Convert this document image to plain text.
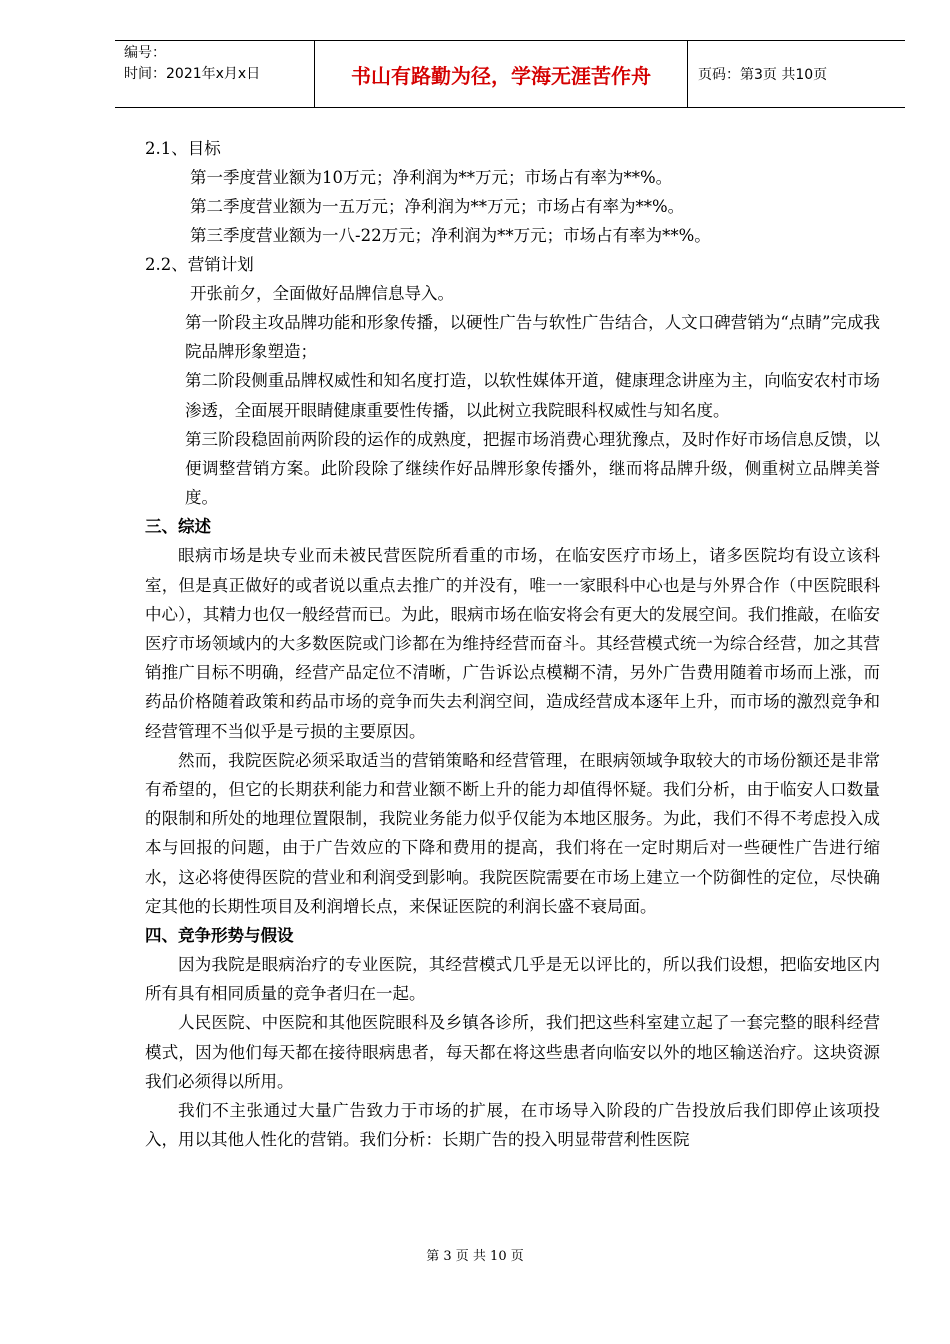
编号：
时间：2021年x月x日	书山有路勤为径，学海无涯苦作舟	页码：第3页 共10页
2.1、目标
第一季度营业额为10万元；净利润为**万元；市场占有率为**%。
第二季度营业额为一五万元；净利润为**万元；市场占有率为**%。
第三季度营业额为一八-22万元；净利润为**万元；市场占有率为**%。
2.2、营销计划
开张前夕，全面做好品牌信息导入。
第一阶段主攻品牌功能和形象传播，以硬性广告与软性广告结合，人文口碑营销为“点睛”完成我院品牌形象塑造；
第二阶段侧重品牌权威性和知名度打造，以软性媒体开道，健康理念讲座为主，向临安农村市场渗透，全面展开眼睛健康重要性传播，以此树立我院眼科权威性与知名度。
第三阶段稳固前两阶段的运作的成熟度，把握市场消费心理犹豫点，及时作好市场信息反馈，以便调整营销方案。此阶段除了继续作好品牌形象传播外，继而将品牌升级，侧重树立品牌美誉度。
三、综述
眼病市场是块专业而未被民营医院所看重的市场，在临安医疗市场上，诸多医院均有设立该科室，但是真正做好的或者说以重点去推广的并没有，唯一一家眼科中心也是与外界合作（中医院眼科中心），其精力也仅一般经营而已。为此，眼病市场在临安将会有更大的发展空间。我们推敲，在临安医疗市场领域内的大多数医院或门诊都在为维持经营而奋斗。其经营模式统一为综合经营，加之其营销推广目标不明确，经营产品定位不清晰，广告诉讼点模糊不清，另外广告费用随着市场而上涨，而药品价格随着政策和药品市场的竞争而失去利润空间，造成经营成本逐年上升，而市场的激烈竞争和经营管理不当似乎是亏损的主要原因。
然而，我院医院必须采取适当的营销策略和经营管理，在眼病领域争取较大的市场份额还是非常有希望的，但它的长期获利能力和营业额不断上升的能力却值得怀疑。我们分析，由于临安人口数量的限制和所处的地理位置限制，我院业务能力似乎仅能为本地区服务。为此，我们不得不考虑投入成本与回报的问题，由于广告效应的下降和费用的提高，我们将在一定时期后对一些硬性广告进行缩水，这必将使得医院的营业和利润受到影响。我院医院需要在市场上建立一个防御性的定位，尽快确定其他的长期性项目及利润增长点，来保证医院的利润长盛不衰局面。
四、竞争形势与假设
因为我院是眼病治疗的专业医院，其经营模式几乎是无以评比的，所以我们设想，把临安地区内所有具有相同质量的竞争者归在一起。
人民医院、中医院和其他医院眼科及乡镇各诊所，我们把这些科室建立起了一套完整的眼科经营模式，因为他们每天都在接待眼病患者，每天都在将这些患者向临安以外的地区输送治疗。这块资源我们必须得以所用。
我们不主张通过大量广告致力于市场的扩展，在市场导入阶段的广告投放后我们即停止该项投入，用以其他人性化的营销。我们分析：长期广告的投入明显带营利性医院
第 3 页 共 10 页
